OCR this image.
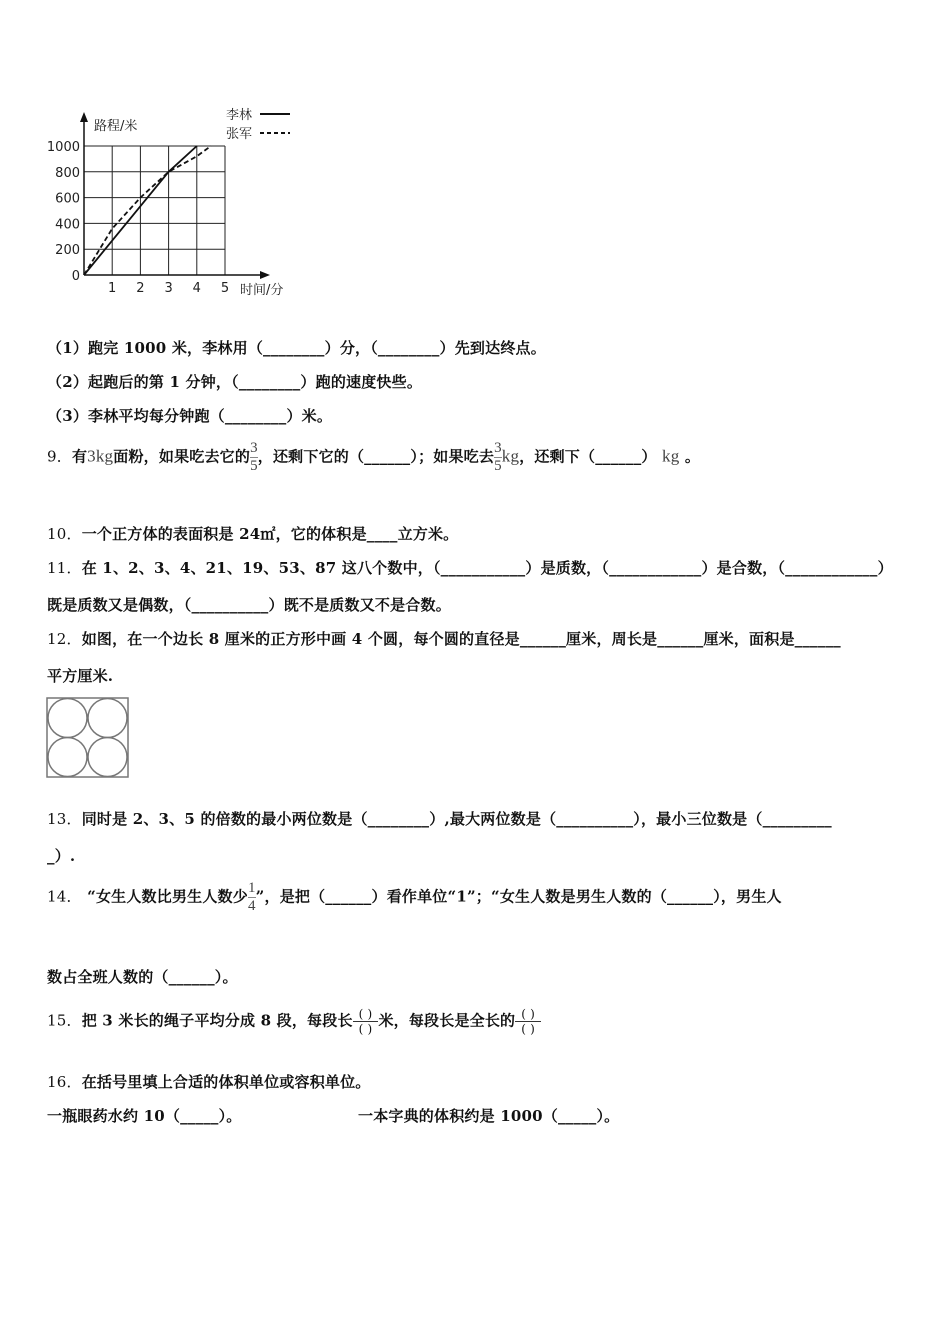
1000
800
600
400
200
0
1 2 3 4 5
路程/米
时间/分
李林
张军
（1）跑完 1000 米，李林用（________）分，（________）先到达终点。
（2）起跑后的第 1 分钟，（________）跑的速度快些。
（3）李林平均每分钟跑（________）米。
9．有3kg面粉，如果吃去它的 $\frac{3}{5}$ ，还剩下它的（______）；如果吃去 $\frac{3}{5}$ kg，还剩下（______） kg 。
10．一个正方体的表面积是 24㎡，它的体积是____立方米。
11．在 1、2、3、4、21、19、53、87 这八个数中，（___________）是质数，（____________）是合数，（____________）
既是质数又是偶数，（__________）既不是质数又不是合数。
12．如图，在一个边长 8 厘米的正方形中画 4 个圆，每个圆的直径是______厘米，周长是______厘米，面积是______
平方厘米.
13．同时是 2、3、5 的倍数的最小两位数是（________）,最大两位数是（__________），最小三位数是（_________
_）.
14． “女生人数比男生人数少 $\frac{1}{4}$ ”，是把（______）看作单位“1”；“女生人数是男生人数的（______），男生人
数占全班人数的（______）。
15．把 3 米长的绳子平均分成 8 段，每段长 ( )
( ) 米，每段长是全长的 ( )
( )
16．在括号里填上合适的体积单位或容积单位。
一瓶眼药水约 10（_____）。	一本字典的体积约是 1000（_____）。
